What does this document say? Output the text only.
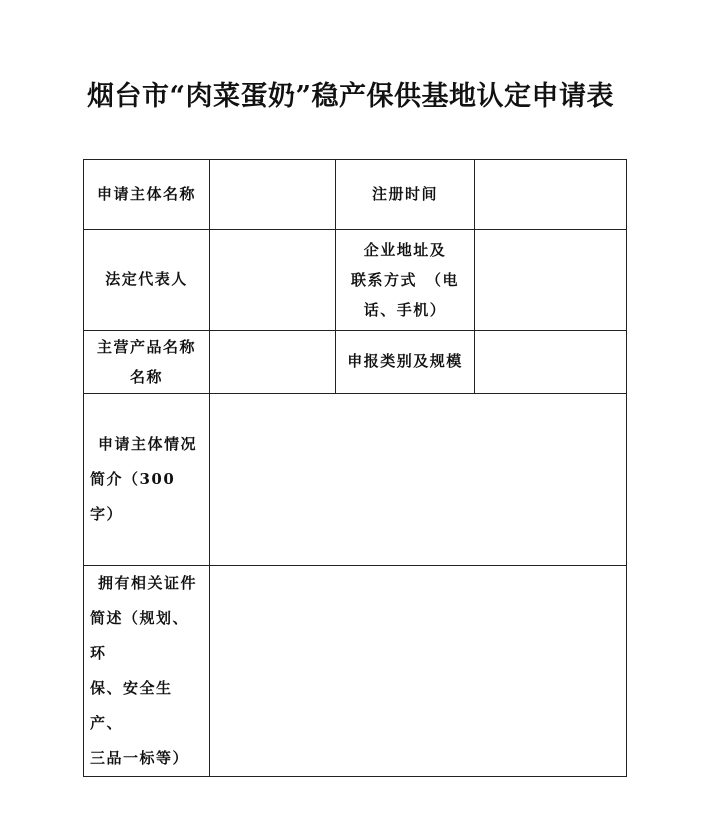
烟台市“肉菜蛋奶”稳产保供基地认定申请表
申请主体名称		注册时间	
法定代表人		企业地址及
联系方式　（电
话、手机）	

主营产品名称
名称		申报类别及规模	

申请主体情况
简介（300 字）			

拥有相关证件
简述（规划、环
保、安全生产、
三品一标等）			
